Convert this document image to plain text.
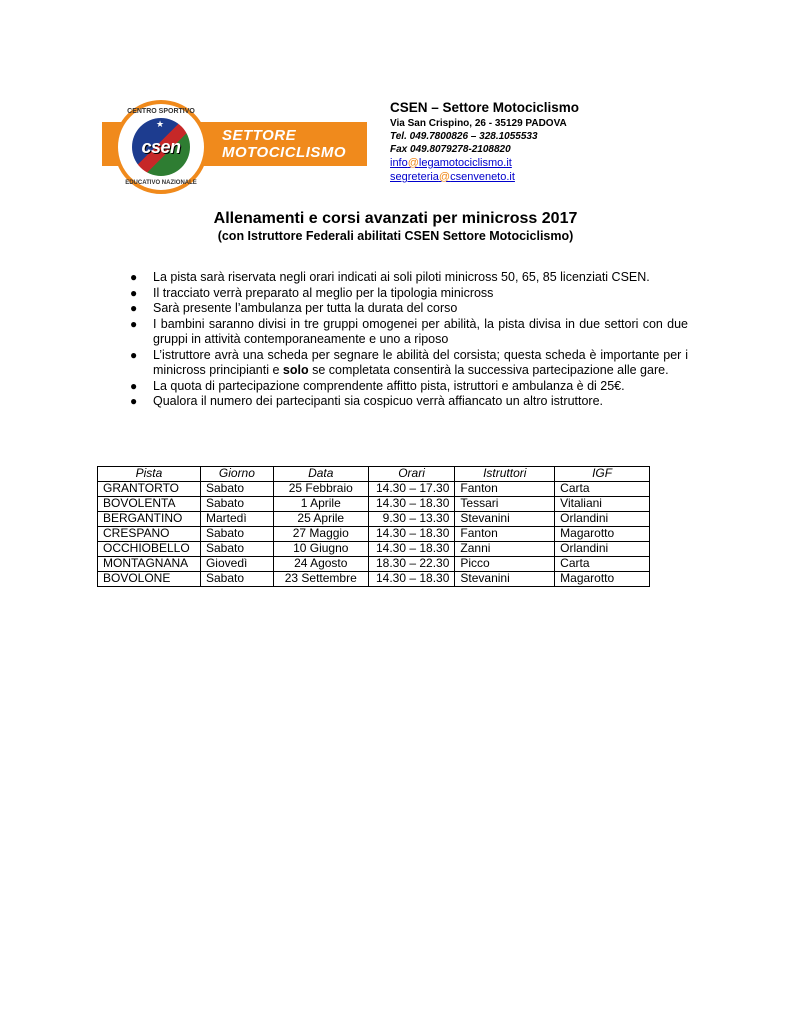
CENTRO SPORTIVO
csen
★
EDUCATIVO NAZIONALE
SETTORE
MOTOCICLISMO
CSEN – Settore Motociclismo
Via San Crispino, 26 - 35129 PADOVA
Tel. 049.7800826 – 328.1055533
Fax 049.8079278-2108820
info@legamotociclismo.it
segreteria@csenveneto.it
Allenamenti e corsi avanzati per minicross 2017
(con Istruttore Federali abilitati CSEN Settore Motociclismo)
● La pista sarà riservata negli orari indicati ai soli piloti minicross 50, 65, 85 licenziati CSEN.
● Il tracciato verrà preparato al meglio per la tipologia minicross
● Sarà presente l’ambulanza per tutta la durata del corso
● I bambini saranno divisi in tre gruppi omogenei per abilità, la pista divisa in due settori con due gruppi in attività contemporaneamente e uno a riposo
● L’istruttore avrà una scheda per segnare le abilità del corsista; questa scheda è importante per i minicross principianti e solo se completata consentirà la successiva partecipazione alle gare.
● La quota di partecipazione comprendente affitto pista, istruttori e ambulanza è di 25€.
● Qualora il numero dei partecipanti sia cospicuo verrà affiancato un altro istruttore.
Pista	Giorno	Data	Orari	Istruttori	IGF
GRANTORTO	Sabato	25 Febbraio	14.30 – 17.30	Fanton	Carta
BOVOLENTA	Sabato	1 Aprile	14.30 – 18.30	Tessari	Vitaliani
BERGANTINO	Martedì	25 Aprile	9.30 – 13.30	Stevanini	Orlandini
CRESPANO	Sabato	27 Maggio	14.30 – 18.30	Fanton	Magarotto
OCCHIOBELLO	Sabato	10 Giugno	14.30 – 18.30	Zanni	Orlandini
MONTAGNANA	Giovedì	24 Agosto	18.30 – 22.30	Picco	Carta
BOVOLONE	Sabato	23 Settembre	14.30 – 18.30	Stevanini	Magarotto
